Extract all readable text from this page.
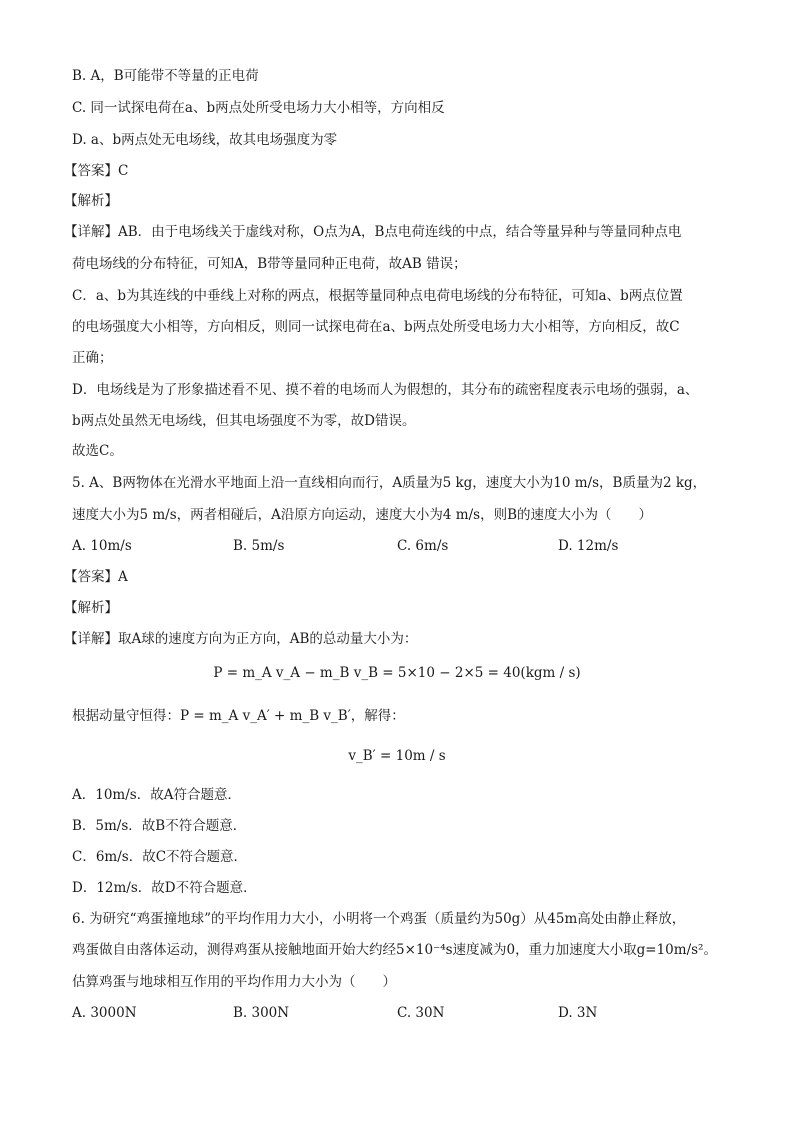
B. A，B可能带不等量的正电荷
C. 同一试探电荷在a、b两点处所受电场力大小相等，方向相反
D. a、b两点处无电场线，故其电场强度为零
【答案】C
【解析】
【详解】AB．由于电场线关于虚线对称，O点为A，B点电荷连线的中点，结合等量异种与等量同种点电
荷电场线的分布特征，可知A，B带等量同种正电荷，故AB 错误；
C．a、b为其连线的中垂线上对称的两点，根据等量同种点电荷电场线的分布特征，可知a、b两点位置
的电场强度大小相等，方向相反，则同一试探电荷在a、b两点处所受电场力大小相等，方向相反，故C
正确；
D．电场线是为了形象描述看不见、摸不着的电场而人为假想的，其分布的疏密程度表示电场的强弱，a、
b两点处虽然无电场线，但其电场强度不为零，故D错误。
故选C。
5. A、B两物体在光滑水平地面上沿一直线相向而行，A质量为5 kg，速度大小为10 m/s，B质量为2 kg，
速度大小为5 m/s，两者相碰后，A沿原方向运动，速度大小为4 m/s，则B的速度大小为（　　）
A. 10m/s	B. 5m/s	C. 6m/s	D. 12m/s
【答案】A
【解析】
【详解】取A球的速度方向为正方向，AB的总动量大小为：
P = m_A v_A − m_B v_B = 5×10 − 2×5 = 40(kgm / s)
根据动量守恒得：P = m_A v_A′ + m_B v_B′，解得：
v_B′ = 10m / s
A．10m/s．故A符合题意．
B．5m/s．故B不符合题意．
C．6m/s．故C不符合题意．
D．12m/s．故D不符合题意．
6. 为研究“鸡蛋撞地球”的平均作用力大小，小明将一个鸡蛋（质量约为50g）从45m高处由静止释放，
鸡蛋做自由落体运动，测得鸡蛋从接触地面开始大约经5×10⁻⁴s速度减为0，重力加速度大小取g=10m/s²。
估算鸡蛋与地球相互作用的平均作用力大小为（　　）
A. 3000N	B. 300N	C. 30N	D. 3N
